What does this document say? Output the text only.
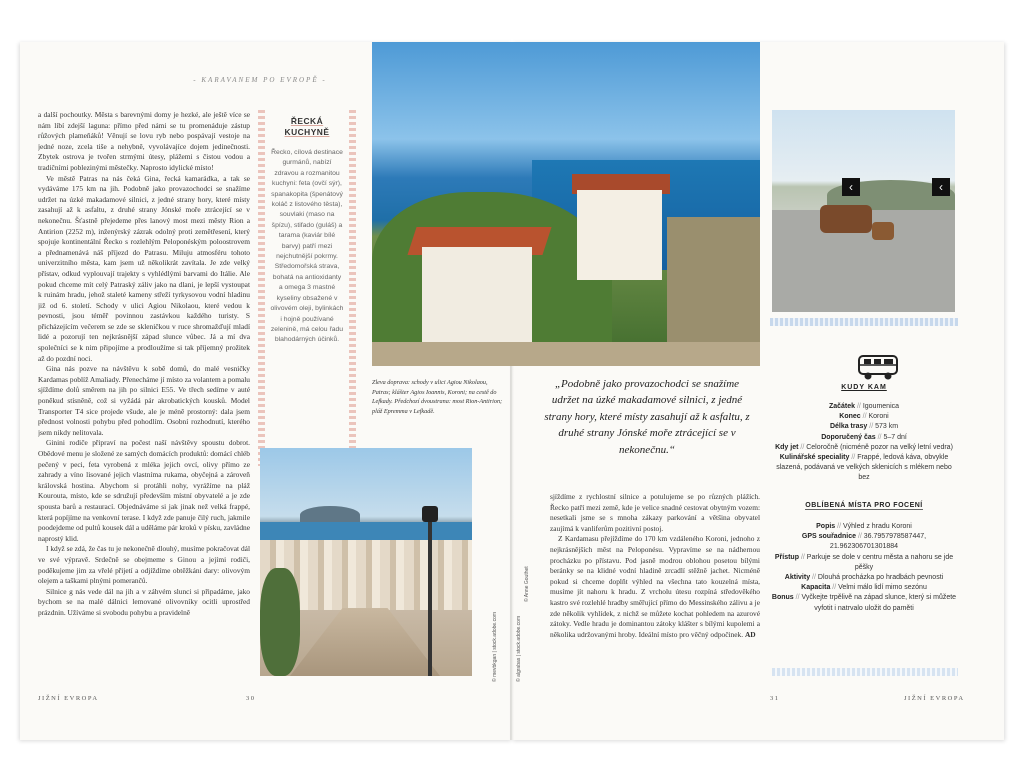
- KARAVANEM PO EVROPĚ -

a další pochoutky. Města s barevnými domy je hezké, ale ještě více se nám líbí zdejší laguna: přímo před námi se tu promenáduje zástup růžových plameňáků! Věnují se lovu ryb nebo pospávají vestoje na jedné noze, zcela tiše a nehybně, vyvolávajíce dojem jedinečnosti. Zbytek ostrova je tvořen strmými útesy, plážemi s čistou vodou a tradičními poblezinými městečky. Naprosto idylické místo!

Ve městě Patras na nás čeká Gina, řecká kamarádka, a tak se vydáváme 175 km na jih. Podobně jako provazochodci se snažíme udržet na úzké makadamové silnici, z jedné strany hory, které místy zasahují až k asfaltu, z druhé strany Jónské moře ztrácející se v nekonečnu. Šťastně přejedeme přes lanový most mezi městy Rion a Antirion (2252 m), inženýrský zázrak odolný proti zemětřesení, který spojuje kontinentální Řecko s rozlehlým Peloponéským poloostrovem a přednamenává náš příjezd do Patrasu. Miluju atmosféru tohoto univerzitního města, kam jsem už několikrát zavítala. Je zde velký přístav, odkud vyplouvají trajekty s vyhlédlými barvami do Itálie. Ale pokud chceme mít celý Patraský záliv jako na dlani, je lepší vystoupat k ruinám hradu, jehož staleté kameny střeží tyrkysovou vodní hladinu již od 6. století. Schody v ulici Agiou Nikolaou, které vedou k pevnosti, jsou téměř povinnou zastávkou každého turisty. S přicházejícím večerem se zde se skleničkou v ruce shromažďují mladí lidé a pozorují ten nejkrásnější západ slunce vůbec. Já a mí dva společníci se k nim připojíme a prodloužíme si tak příjemný prožitek až do pozdní noci.

Gina nás pozve na návštěvu k sobě domů, do malé vesničky Kardamas poblíž Amaliady. Přenecháme jí místo za volantem a pomalu sjíždíme dolů směrem na jih po silnici E55. Ve třech sedíme v auté poněkud stísněně, což si vyžádá pár akrobatických kousků. Model Transporter T4 sice projede všude, ale je méně prostorný: dala jsem přednost volnosti pohybu před pohodlím. Osobní rozhodnutí, kterého jsem nikdy nelitovala.

Ginini rodiče připraví na počest naší návštěvy spoustu dobrot. Obědové menu je složené ze samých domácích produktů: domácí chléb pečený v peci, feta vyrobená z mléka jejich ovcí, olivy přímo ze zahrady a víno lisované jejich vlastníma rukama, obyčejná a zároveň královská hostina. Abychom si protáhli nohy, vyrážíme na pláž Kourouta, místo, kde se sdružují především místní obyvatelé a je zde spousta barů a restaurací. Objednáváme si jak jinak než velká frappé, která popíjíme na venkovní terase. I když zde panuje čilý ruch, jakmile poodejdeme od pultů kousek dál a uděláme pár kroků v písku, zavládne naprostý klid.

I když se zdá, že čas tu je nekonečně dlouhý, musíme pokračovat dál ve své výpravě. Srdečně se obejmeme s Ginou a jejími rodiči, poděkujeme jim za vřelé přijetí a odjíždíme obtěžkáni dary: olivovým olejem a taškami plnými pomerančů.

Silnice g nás vede dál na jih a v záhvém slunci si připadáme, jako bychom se na malé dálnici lemované olivovníky ocitli uprostřed prázdnin. Užíváme si svobodu pohybu a pravidelně

ŘECKÁ
KUCHYNĚ
Řecko, cílová destinace gurmánů, nabízí zdravou a rozmanitou kuchyni: feta (ovčí sýr), spanakopita (špenátový koláč z listového těsta), souvlaki (maso na špízu), stifado (guláš) a tarama (kaviár bílé barvy) patří mezi nejchutnější pokrmy. Středomořská strava, bohatá na antioxidanty a omega 3 mastné kyseliny obsažené v olivovém oleji, bylinkách i hojně používané zelenině, má celou řadu blahodárných účinků.
‹	‹
Zleva doprava: schody v ulici Agiou Nikolaou, Patras; klášter Agios Ioannis, Koroni; na cestě do Lefkady. Předchozí dvoustrana: most Rion-Antirion; pláž Epremma v Lefkadě.
© mevbkgan | stock.adobe.com	© algrabas | stock.adobe.com
© Anne Gouthet
„Podobně jako provazochodci se snažíme udržet na úzké makadamové silnici, z jedné strany hory, které místy zasahují až k asfaltu, z druhé strany Jónské moře ztrácející se v nekonečnu.“

sjíždíme z rychlostní silnice a potulujeme se po různých plážích. Řecko patří mezi země, kde je velice snadné cestovat obytným vozem: nesetkali jsme se s mnoha zákazy parkování a většina obyvatel zaujímá k vanliferům pozitivní postoj.

Z Kardamasu přejíždíme do 170 km vzdáleného Koroni, jednoho z nejkrásnějších měst na Peloponésu. Vypravíme se na nádhernou procházku po přístavu. Pod jasně modrou oblohou posetou bílými beránky se na klidné vodní hladině zrcadlí stěžně jachet. Nicméně pokud si chceme doplňt výhled na všechna tato kouzelná místa, musíme jít nahoru k hradu. Z vrcholu útesu rozpíná středověkého kastro své rozlehlé hradby směřující přímo do Messinského zálivu a je zde několik vyhlídek, z nichž se můžete kochat pohledem na azurové zátoky. Vedle hradu je dominantou zátoky klášter s bílými kupolemi a několika udržovanými hroby. Ideální místo pro věčný odpočinek. AD

KUDY KAM
Začátek // Igoumenica
Konec // Koroni
Délka trasy // 573 km
Doporučený čas // 5–7 dní
Kdy jet // Celoročně (nicméně pozor na velký letní vedra)
Kulinářské speciality // Frappé, ledová káva, obvykle slazená, podávaná ve velkých sklenicích s mlékem nebo bez
OBLÍBENÁ MÍSTA PRO FOCENÍ
Popis // Výhled z hradu Koroni
GPS souřadnice // 36.7957978587447, 21.962306701301884
Přístup // Parkuje se dole v centru města a nahoru se jde pěšky
Aktivity // Dlouhá procházka po hradbách pevnosti
Kapacita // Velmi málo lidí mimo sezónu
Bonus // Vyčkejte trpělivě na západ slunce, který si můžete vyfotit i natrvalo uložit do paměti
JIŽNÍ EVROPA	30	31	JIŽNÍ EVROPA
